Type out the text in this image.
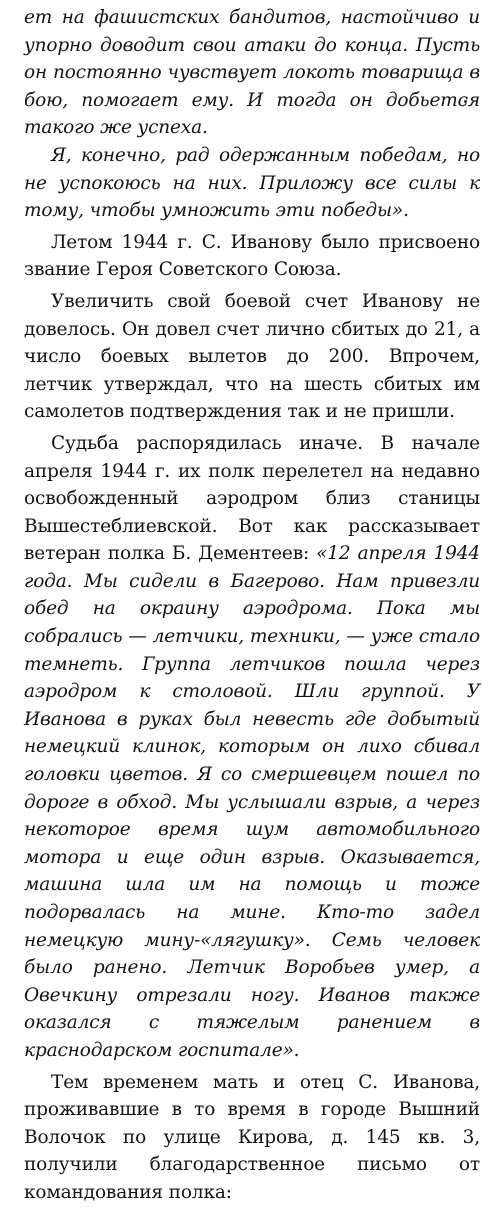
ет на фашистских бандитов, настойчиво и упорно доводит свои атаки до конца. Пусть он постоянно чувствует локоть товарища в бою, помогает ему. И тогда он добьется такого же успеха.

Я, конечно, рад одержанным победам, но не успокоюсь на них. Приложу все силы к тому, чтобы умножить эти победы».

Летом 1944 г. С. Иванову было присвоено звание Героя Советского Союза.

Увеличить свой боевой счет Иванову не довелось. Он довел счет лично сбитых до 21, а число боевых вылетов до 200. Впрочем, летчик утверждал, что на шесть сбитых им самолетов подтверждения так и не пришли.

Судьба распорядилась иначе. В начале апреля 1944 г. их полк перелетел на недавно освобожденный аэродром близ станицы Вышестеблиевской. Вот как рассказывает ветеран полка Б. Дементеев: «12 апреля 1944 года. Мы сидели в Багерово. Нам привезли обед на окраину аэродрома. Пока мы собрались — летчики, техники, — уже стало темнеть. Группа летчиков пошла через аэродром к столовой. Шли группой. У Иванова в руках был невесть где добытый немецкий клинок, которым он лихо сбивал головки цветов. Я со смершевцем пошел по дороге в обход. Мы услышали взрыв, а через некоторое время шум автомобильного мотора и еще один взрыв. Оказывается, машина шла им на помощь и тоже подорвалась на мине. Кто-то задел немецкую мину-«лягушку». Семь человек было ранено. Летчик Воробьев умер, а Овечкину отрезали ногу. Иванов также оказался с тяжелым ранением в краснодарском госпитале».

Тем временем мать и отец С. Иванова, проживавшие в то время в городе Вышний Волочок по улице Кирова, д. 145 кв. 3, получили благодарственное письмо от командования полка:
